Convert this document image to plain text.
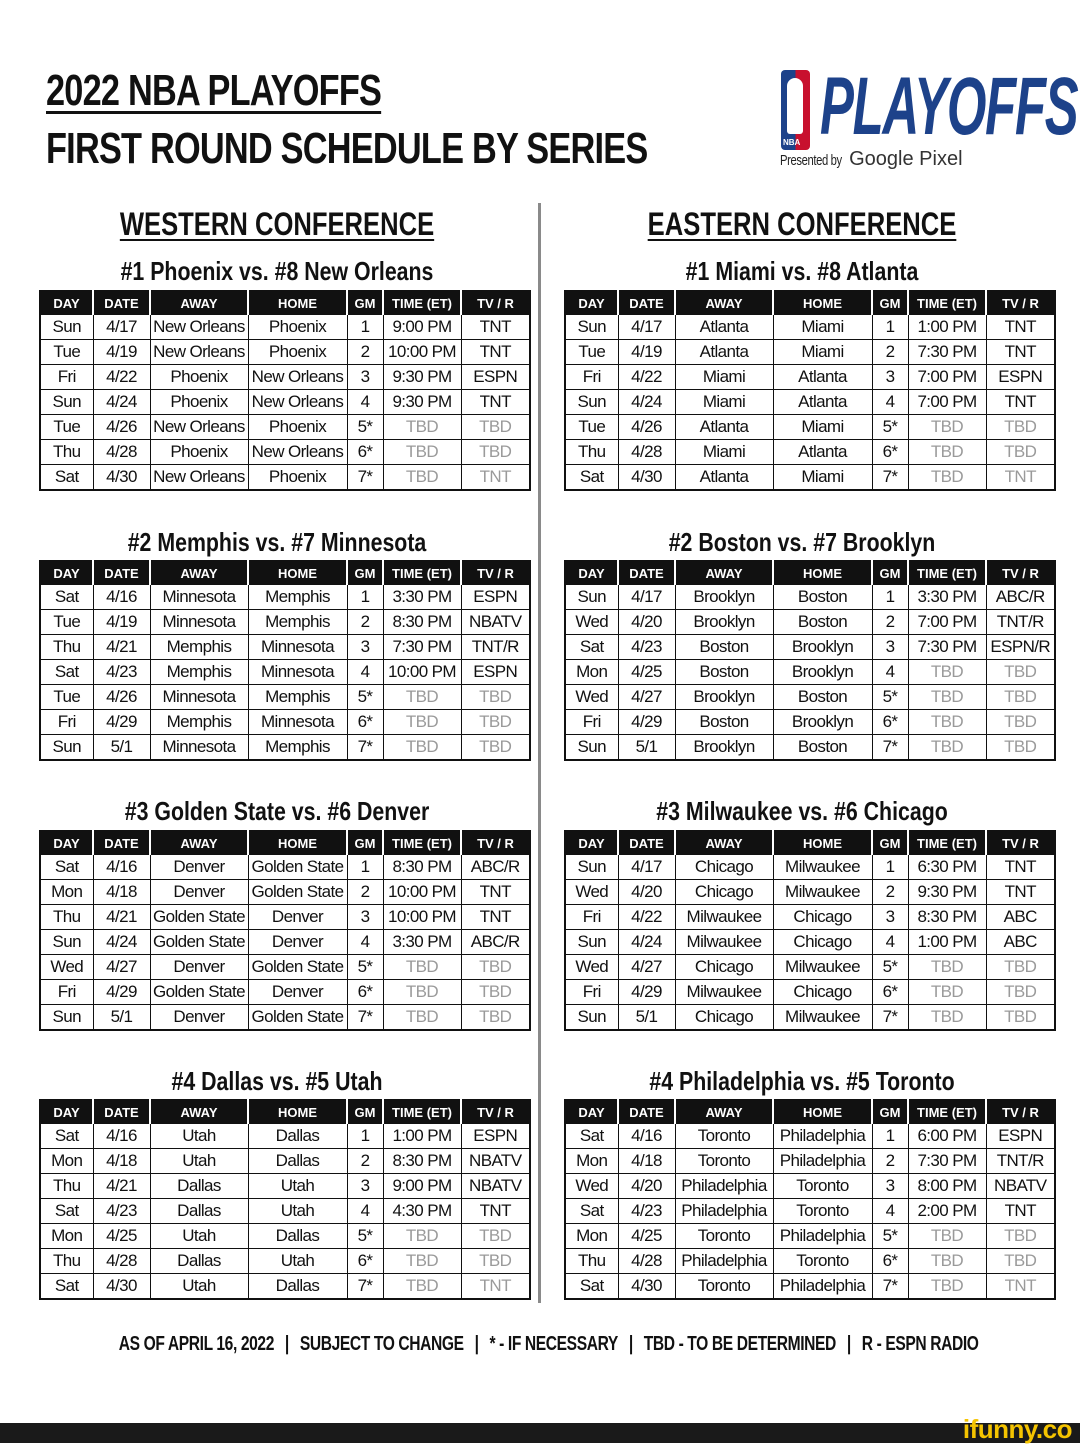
2022 NBA PLAYOFFS
FIRST ROUND SCHEDULE BY SERIES	NBA PLAYOFFS
Presented by Google Pixel
WESTERN CONFERENCE	EASTERN CONFERENCE
#1 Phoenix vs. #8 New Orleans
DAY	DATE	AWAY	HOME	GM	TIME (ET)	TV / R
Sun	4/17	New Orleans	Phoenix	1	9:00 PM	TNT
Tue	4/19	New Orleans	Phoenix	2	10:00 PM	TNT
Fri	4/22	Phoenix	New Orleans	3	9:30 PM	ESPN
Sun	4/24	Phoenix	New Orleans	4	9:30 PM	TNT
Tue	4/26	New Orleans	Phoenix	5*	TBD	TBD
Thu	4/28	Phoenix	New Orleans	6*	TBD	TBD
Sat	4/30	New Orleans	Phoenix	7*	TBD	TNT
#2 Memphis vs. #7 Minnesota
DAY	DATE	AWAY	HOME	GM	TIME (ET)	TV / R
Sat	4/16	Minnesota	Memphis	1	3:30 PM	ESPN
Tue	4/19	Minnesota	Memphis	2	8:30 PM	NBATV
Thu	4/21	Memphis	Minnesota	3	7:30 PM	TNT/R
Sat	4/23	Memphis	Minnesota	4	10:00 PM	ESPN
Tue	4/26	Minnesota	Memphis	5*	TBD	TBD
Fri	4/29	Memphis	Minnesota	6*	TBD	TBD
Sun	5/1	Minnesota	Memphis	7*	TBD	TBD
#3 Golden State vs. #6 Denver
DAY	DATE	AWAY	HOME	GM	TIME (ET)	TV / R
Sat	4/16	Denver	Golden State	1	8:30 PM	ABC/R
Mon	4/18	Denver	Golden State	2	10:00 PM	TNT
Thu	4/21	Golden State	Denver	3	10:00 PM	TNT
Sun	4/24	Golden State	Denver	4	3:30 PM	ABC/R
Wed	4/27	Denver	Golden State	5*	TBD	TBD
Fri	4/29	Golden State	Denver	6*	TBD	TBD
Sun	5/1	Denver	Golden State	7*	TBD	TBD
#4 Dallas vs. #5 Utah
DAY	DATE	AWAY	HOME	GM	TIME (ET)	TV / R
Sat	4/16	Utah	Dallas	1	1:00 PM	ESPN
Mon	4/18	Utah	Dallas	2	8:30 PM	NBATV
Thu	4/21	Dallas	Utah	3	9:00 PM	NBATV
Sat	4/23	Dallas	Utah	4	4:30 PM	TNT
Mon	4/25	Utah	Dallas	5*	TBD	TBD
Thu	4/28	Dallas	Utah	6*	TBD	TBD
Sat	4/30	Utah	Dallas	7*	TBD	TNT
#1 Miami vs. #8 Atlanta
DAY	DATE	AWAY	HOME	GM	TIME (ET)	TV / R
Sun	4/17	Atlanta	Miami	1	1:00 PM	TNT
Tue	4/19	Atlanta	Miami	2	7:30 PM	TNT
Fri	4/22	Miami	Atlanta	3	7:00 PM	ESPN
Sun	4/24	Miami	Atlanta	4	7:00 PM	TNT
Tue	4/26	Atlanta	Miami	5*	TBD	TBD
Thu	4/28	Miami	Atlanta	6*	TBD	TBD
Sat	4/30	Atlanta	Miami	7*	TBD	TNT
#2 Boston vs. #7 Brooklyn
DAY	DATE	AWAY	HOME	GM	TIME (ET)	TV / R
Sun	4/17	Brooklyn	Boston	1	3:30 PM	ABC/R
Wed	4/20	Brooklyn	Boston	2	7:00 PM	TNT/R
Sat	4/23	Boston	Brooklyn	3	7:30 PM	ESPN/R
Mon	4/25	Boston	Brooklyn	4	TBD	TBD
Wed	4/27	Brooklyn	Boston	5*	TBD	TBD
Fri	4/29	Boston	Brooklyn	6*	TBD	TBD
Sun	5/1	Brooklyn	Boston	7*	TBD	TBD
#3 Milwaukee vs. #6 Chicago
DAY	DATE	AWAY	HOME	GM	TIME (ET)	TV / R
Sun	4/17	Chicago	Milwaukee	1	6:30 PM	TNT
Wed	4/20	Chicago	Milwaukee	2	9:30 PM	TNT
Fri	4/22	Milwaukee	Chicago	3	8:30 PM	ABC
Sun	4/24	Milwaukee	Chicago	4	1:00 PM	ABC
Wed	4/27	Chicago	Milwaukee	5*	TBD	TBD
Fri	4/29	Milwaukee	Chicago	6*	TBD	TBD
Sun	5/1	Chicago	Milwaukee	7*	TBD	TBD
#4 Philadelphia vs. #5 Toronto
DAY	DATE	AWAY	HOME	GM	TIME (ET)	TV / R
Sat	4/16	Toronto	Philadelphia	1	6:00 PM	ESPN
Mon	4/18	Toronto	Philadelphia	2	7:30 PM	TNT/R
Wed	4/20	Philadelphia	Toronto	3	8:00 PM	NBATV
Sat	4/23	Philadelphia	Toronto	4	2:00 PM	TNT
Mon	4/25	Toronto	Philadelphia	5*	TBD	TBD
Thu	4/28	Philadelphia	Toronto	6*	TBD	TBD
Sat	4/30	Toronto	Philadelphia	7*	TBD	TNT
AS OF APRIL 16, 2022 | SUBJECT TO CHANGE | * - IF NECESSARY | TBD - TO BE DETERMINED | R - ESPN RADIO
ifunny.co
